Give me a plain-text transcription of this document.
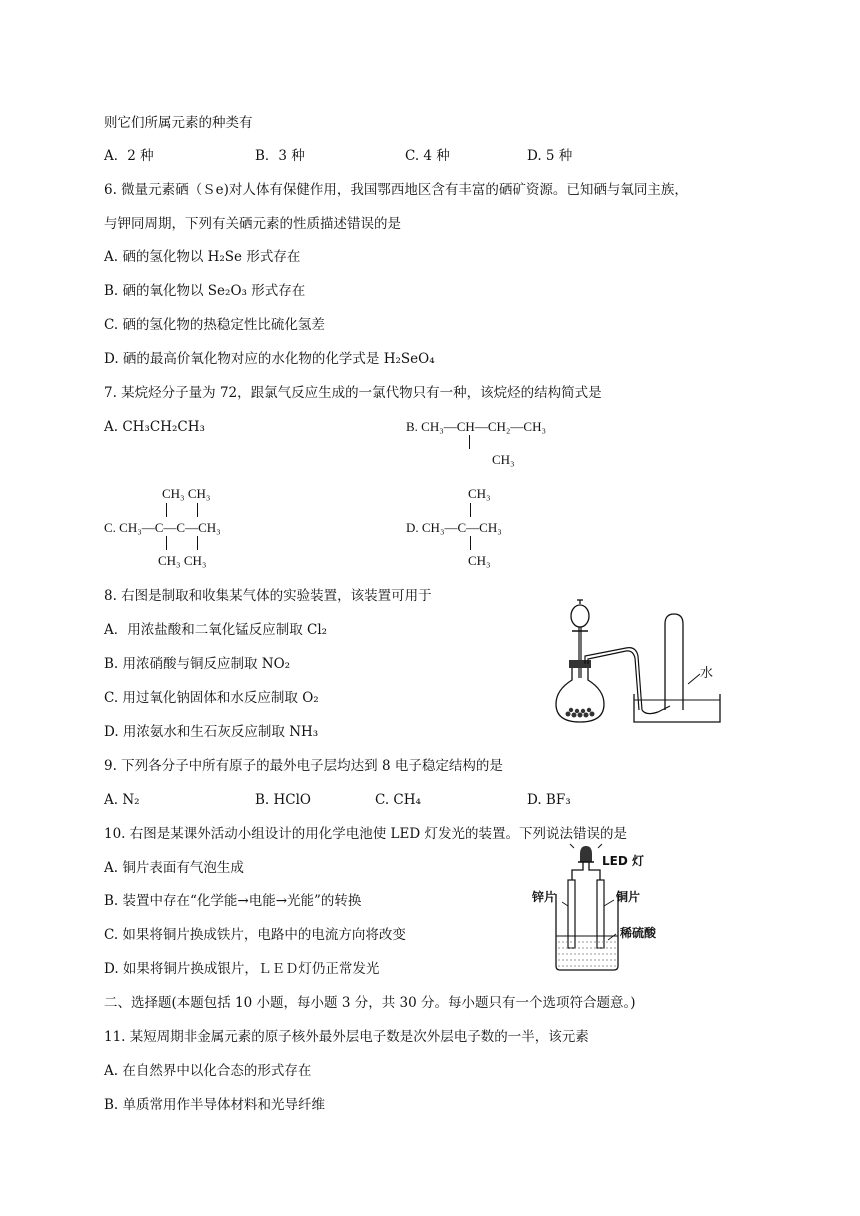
则它们所属元素的种类有
A．2 种	B．3 种	C. 4 种	D. 5 种
6. 微量元素硒（Ｓe)对人体有保健作用，我国鄂西地区含有丰富的硒矿资源。已知硒与氧同主族，
与钾同周期，下列有关硒元素的性质描述错误的是
A. 硒的氢化物以 H₂Se 形式存在
B. 硒的氧化物以 Se₂O₃ 形式存在
C. 硒的氢化物的热稳定性比硫化氢差
D. 硒的最高价氧化物对应的水化物的化学式是 H₂SeO₄
7. 某烷烃分子量为 72，跟氯气反应生成的一氯代物只有一种，该烷烃的结构简式是
A. CH₃CH₂CH₃	B. CH₃—CH—CH₂—CH₃
CH₃
CH₃ CH₃
C. CH₃—C—C—CH₃
CH₃ CH₃
CH₃
D. CH₃—C—CH₃
CH₃
8. 右图是制取和收集某气体的实验装置，该装置可用于
A．用浓盐酸和二氧化锰反应制取 Cl₂
B. 用浓硝酸与铜反应制取 NO₂
C. 用过氧化钠固体和水反应制取 O₂
D. 用浓氨水和生石灰反应制取 NH₃
水
9. 下列各分子中所有原子的最外电子层均达到 8 电子稳定结构的是
A. N₂	B. HClO	C. CH₄	D. BF₃
10. 右图是某课外活动小组设计的用化学电池使 LED 灯发光的装置。下列说法错误的是
A. 铜片表面有气泡生成
B. 装置中存在“化学能→电能→光能”的转换
C. 如果将铜片换成铁片，电路中的电流方向将改变
D. 如果将铜片换成银片，ＬＥＤ灯仍正常发光
LED 灯
锌片	铜片
稀硫酸
二、选择题(本题包括 10 小题，每小题 3 分，共 30 分。每小题只有一个选项符合题意。)
11. 某短周期非金属元素的原子核外最外层电子数是次外层电子数的一半，该元素
A. 在自然界中以化合态的形式存在
B. 单质常用作半导体材料和光导纤维
